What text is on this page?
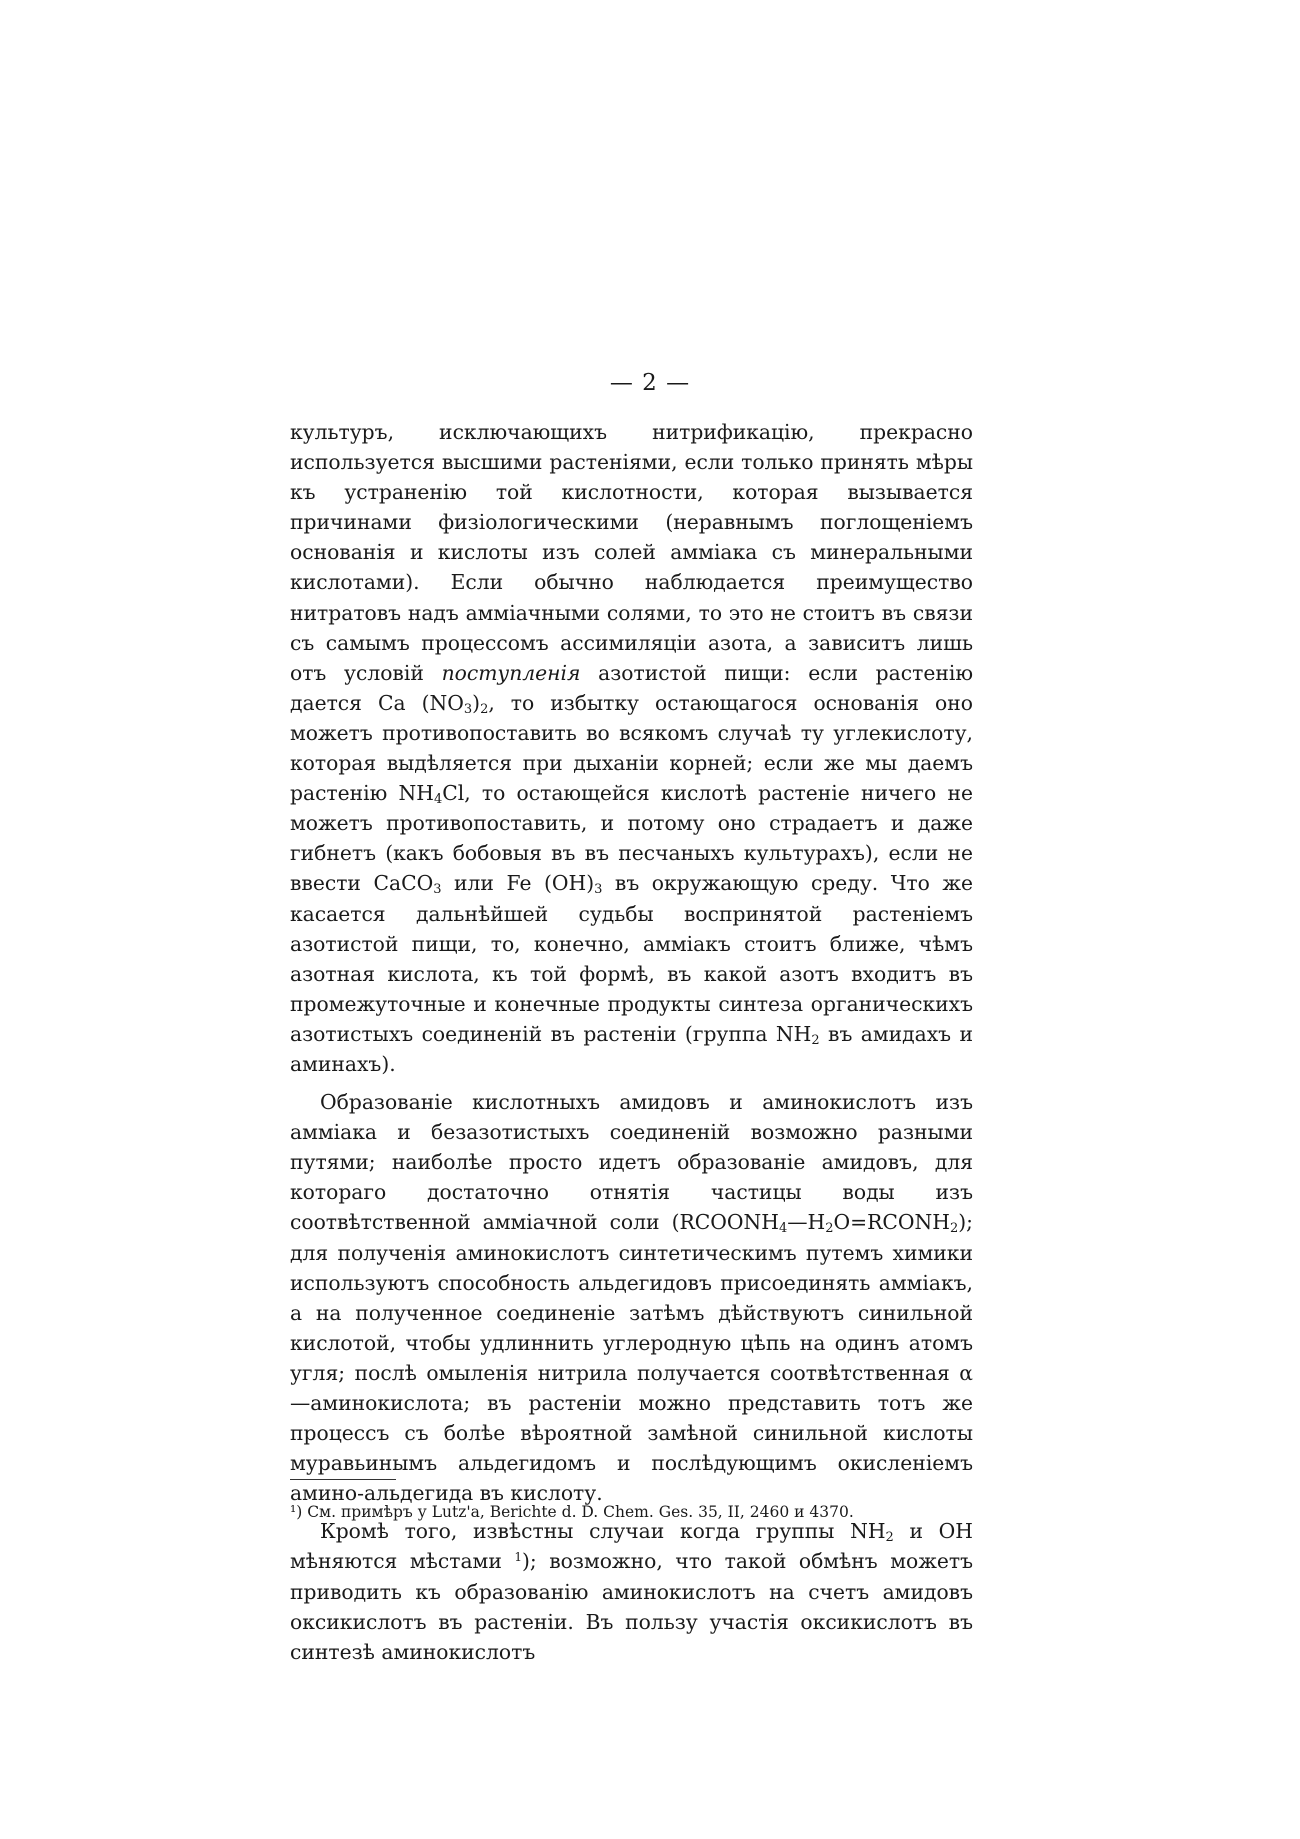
— 2 —

культуръ, исключающихъ нитрификацію, прекрасно используется высшими растеніями, если только принять мѣры къ устраненію той кислотности, которая вызывается причинами физіологическими (неравнымъ поглощеніемъ основанія и кислоты изъ солей амміака съ минеральными кислотами). Если обычно наблюдается преимущество нитратовъ надъ амміачными солями, то это не стоитъ въ связи съ самымъ процессомъ ассимиляціи азота, а зависитъ лишь отъ условій поступленія азотистой пищи: если растенію дается Ca $(NO_3)_2$, то избытку остающагося основанія оно можетъ противопоставить во всякомъ случаѣ ту углекислоту, которая выдѣляется при дыханіи корней; если же мы даемъ растенію $NH_4Cl$, то остающейся кислотѣ растеніе ничего не можетъ противопоставить, и потому оно страдаетъ и даже гибнетъ (какъ бобовыя въ въ песчаныхъ культурахъ), если не ввести CaCO$_3$ или Fe $(OH)_3$ въ окружающую среду. Что же касается дальнѣйшей судьбы воспринятой растеніемъ азотистой пищи, то, конечно, амміакъ стоитъ ближе, чѣмъ азотная кислота, къ той формѣ, въ какой азотъ входитъ въ промежуточные и конечные продукты синтеза органическихъ азотистыхъ соединеній въ растеніи (группа $NH_2$ въ амидахъ и аминахъ).

Образованіе кислотныхъ амидовъ и аминокислотъ изъ амміака и безазотистыхъ соединеній возможно разными путями; наиболѣе просто идетъ образованіе амидовъ, для котораго достаточно отнятія частицы воды изъ соотвѣтственной амміачной соли $(RCOONH_4—H_2O=RCONH_2)$; для полученія аминокислотъ синтетическимъ путемъ химики используютъ способность альдегидовъ присоединять амміакъ, а на полученное соединеніе затѣмъ дѣйствуютъ синильной кислотой, чтобы удлиннить углеродную цѣпь на одинъ атомъ угля; послѣ омыленія нитрила получается соотвѣтственная α—аминокислота; въ растеніи можно представить тотъ же процессъ съ болѣе вѣроятной замѣной синильной кислоты муравьинымъ альдегидомъ и послѣдующимъ окисленіемъ амино-альдегида въ кислоту.

Кромѣ того, извѣстны случаи когда группы $NH_2$ и OH мѣняются мѣстами $^1$); возможно, что такой обмѣнъ можетъ приводить къ образованію аминокислотъ на счетъ амидовъ оксикислотъ въ растеніи. Въ пользу участія оксикислотъ въ синтезѣ аминокислотъ

¹) См. примѣръ у Lutz'a, Berichte d. D. Chem. Ges. 35, II, 2460 и 4370.
